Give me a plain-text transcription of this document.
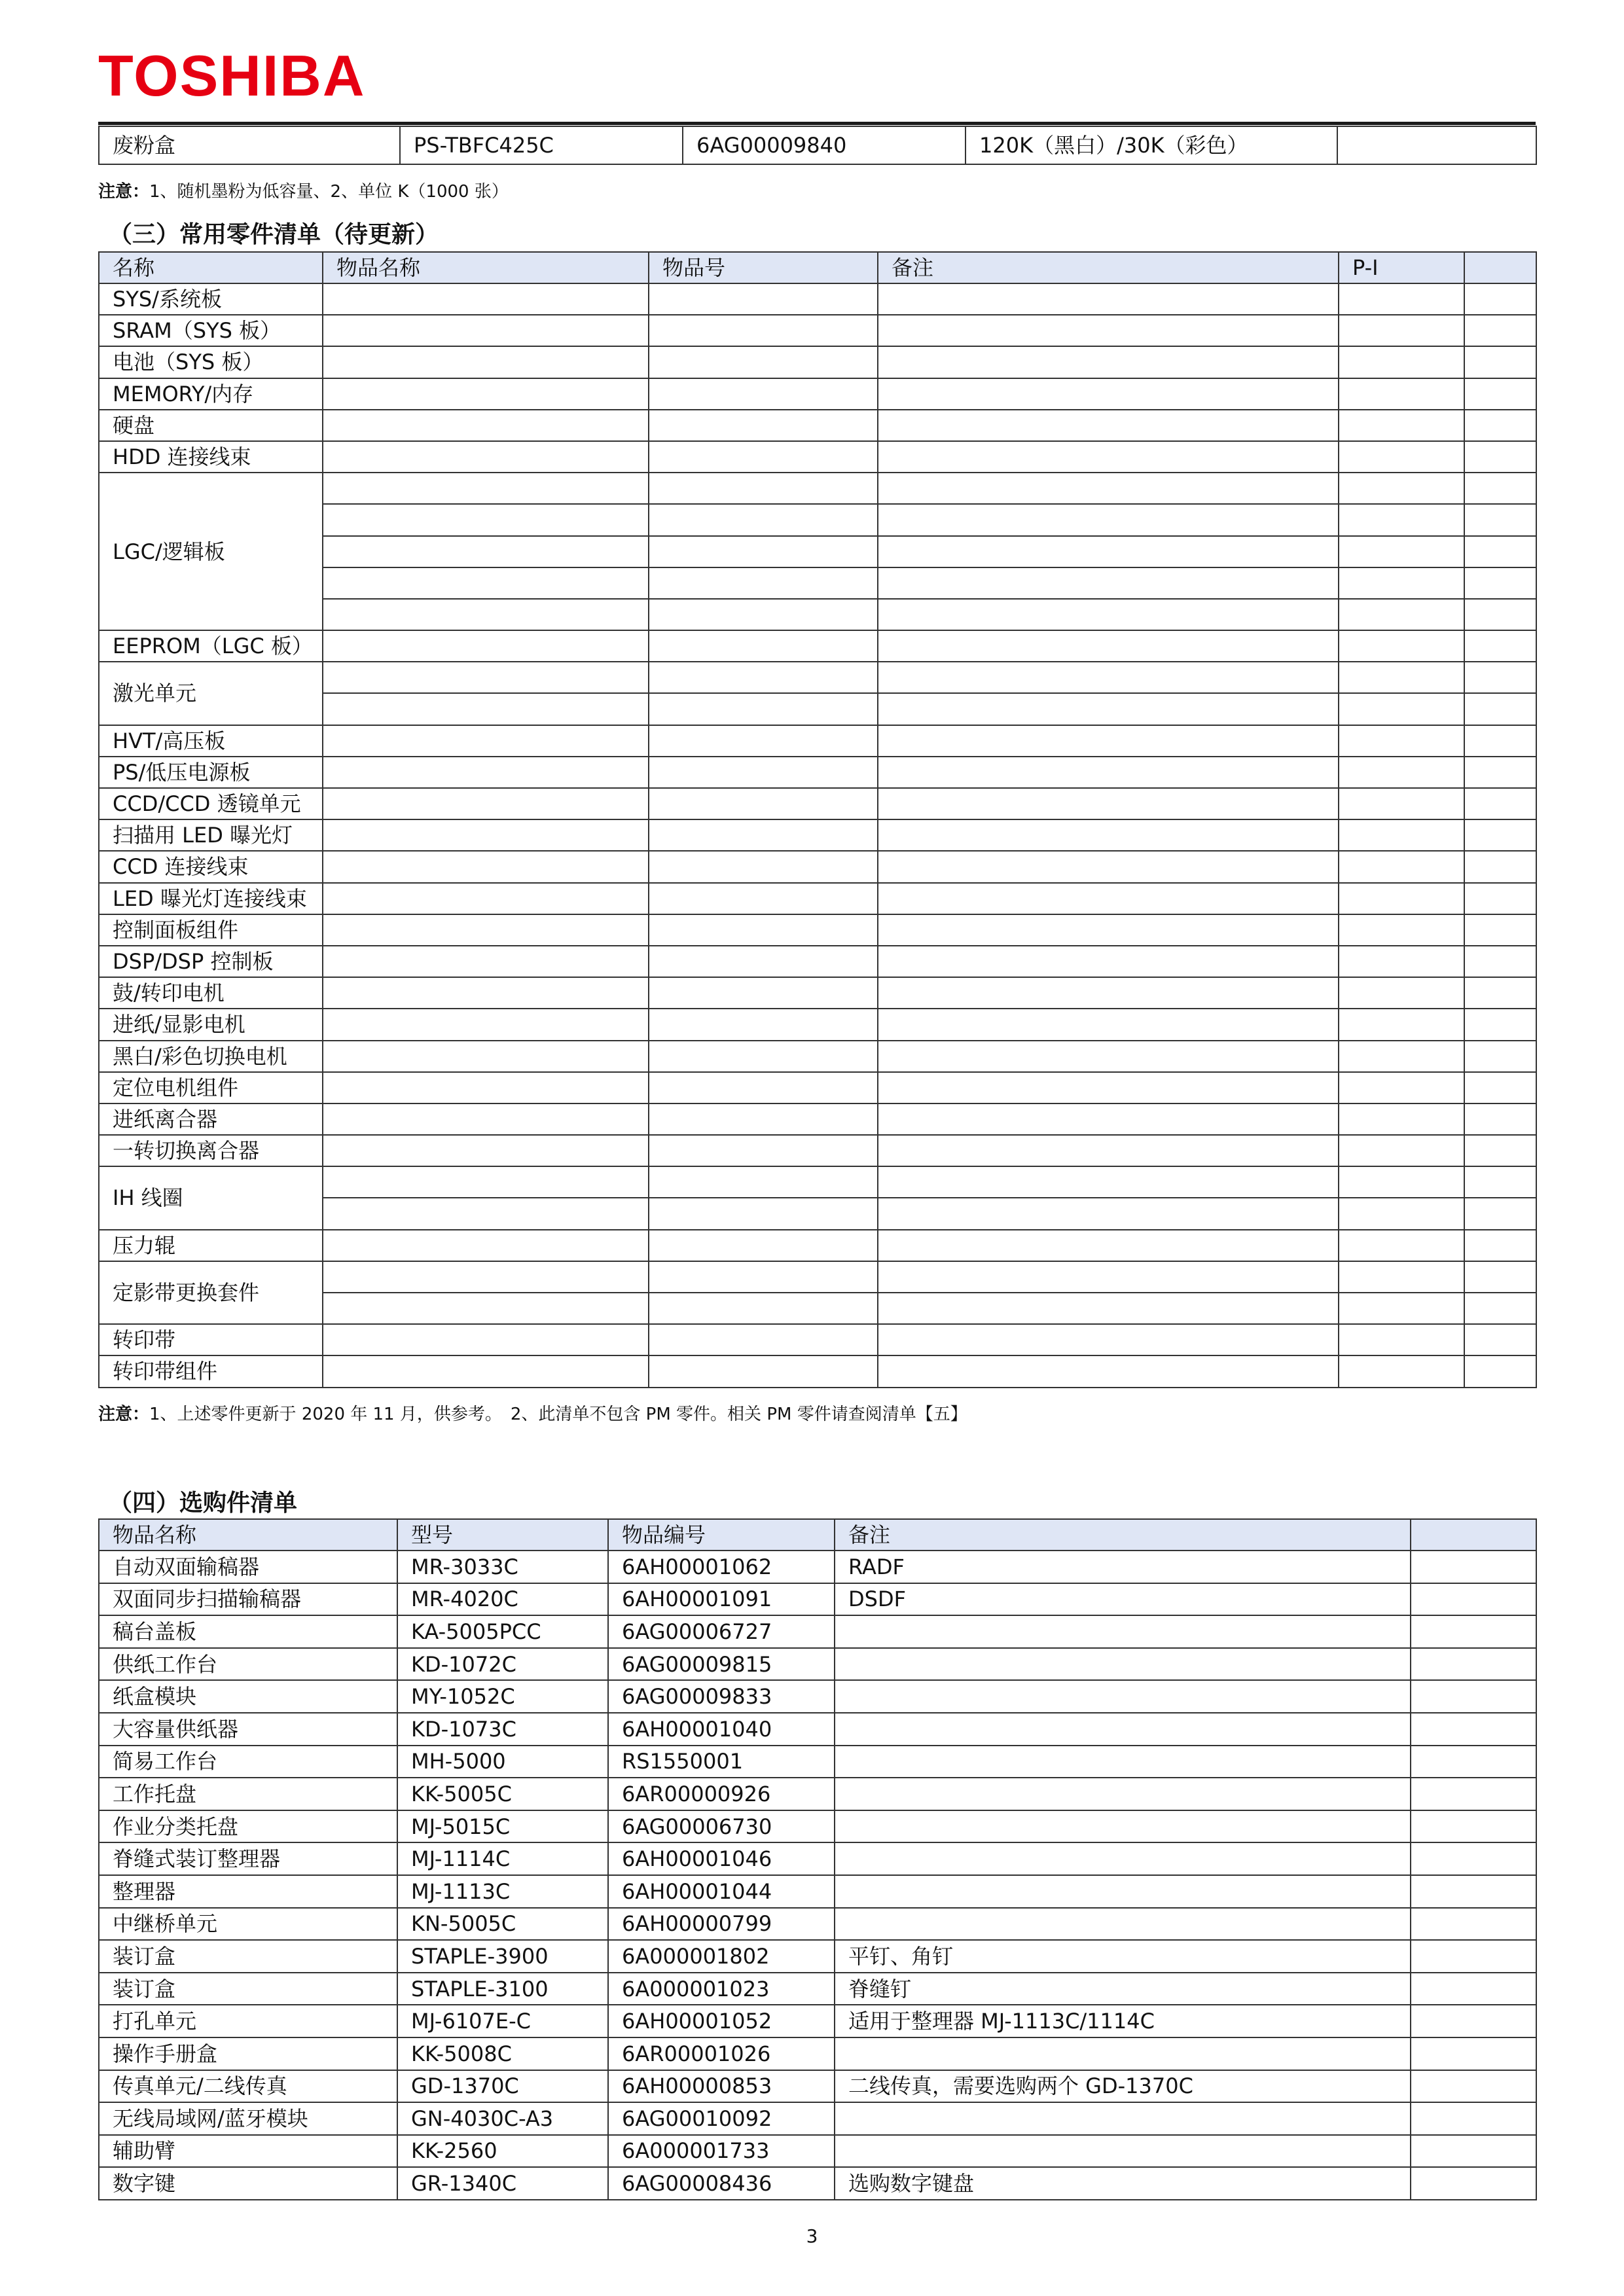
TOSHIBA
废粉盒	PS-TBFC425C	6AG00009840	120K（黑白）/30K（彩色）	
注意：1、随机墨粉为低容量、2、单位 K（1000 张）
（三）常用零件清单（待更新）
名称	物品名称	物品号	备注	P-I	
SYS/系统板					
SRAM（SYS 板）					
电池（SYS 板）					
MEMORY/内存					
硬盘					
HDD 连接线束					
LGC/逻辑板					

EEPROM（LGC 板）					
激光单元					

HVT/高压板					
PS/低压电源板					
CCD/CCD 透镜单元					
扫描用 LED 曝光灯					
CCD 连接线束					
LED 曝光灯连接线束					
控制面板组件					
DSP/DSP 控制板					
鼓/转印电机					
进纸/显影电机					
黑白/彩色切换电机					
定位电机组件					
进纸离合器					
一转切换离合器					
IH 线圈					

压力辊					
定影带更换套件					

转印带					
转印带组件					
注意：1、上述零件更新于 2020 年 11 月，供参考。　2、此清单不包含 PM 零件。相关 PM 零件请查阅清单【五】
（四）选购件清单
物品名称	型号	物品编号	备注	
自动双面输稿器	MR-3033C	6AH00001062	RADF	
双面同步扫描输稿器	MR-4020C	6AH00001091	DSDF	
稿台盖板	KA-5005PCC	6AG00006727		
供纸工作台	KD-1072C	6AG00009815		
纸盒模块	MY-1052C	6AG00009833		
大容量供纸器	KD-1073C	6AH00001040		
简易工作台	MH-5000	RS1550001		
工作托盘	KK-5005C	6AR00000926		
作业分类托盘	MJ-5015C	6AG00006730		
脊缝式装订整理器	MJ-1114C	6AH00001046		
整理器	MJ-1113C	6AH00001044		
中继桥单元	KN-5005C	6AH00000799		
装订盒	STAPLE-3900	6A000001802	平钉、角钉	
装订盒	STAPLE-3100	6A000001023	脊缝钉	
打孔单元	MJ-6107E-C	6AH00001052	适用于整理器 MJ-1113C/1114C	
操作手册盒	KK-5008C	6AR00001026		
传真单元/二线传真	GD-1370C	6AH00000853	二线传真，需要选购两个 GD-1370C	
无线局域网/蓝牙模块	GN-4030C-A3	6AG00010092		
辅助臂	KK-2560	6A000001733		
数字键	GR-1340C	6AG00008436	选购数字键盘	
3
